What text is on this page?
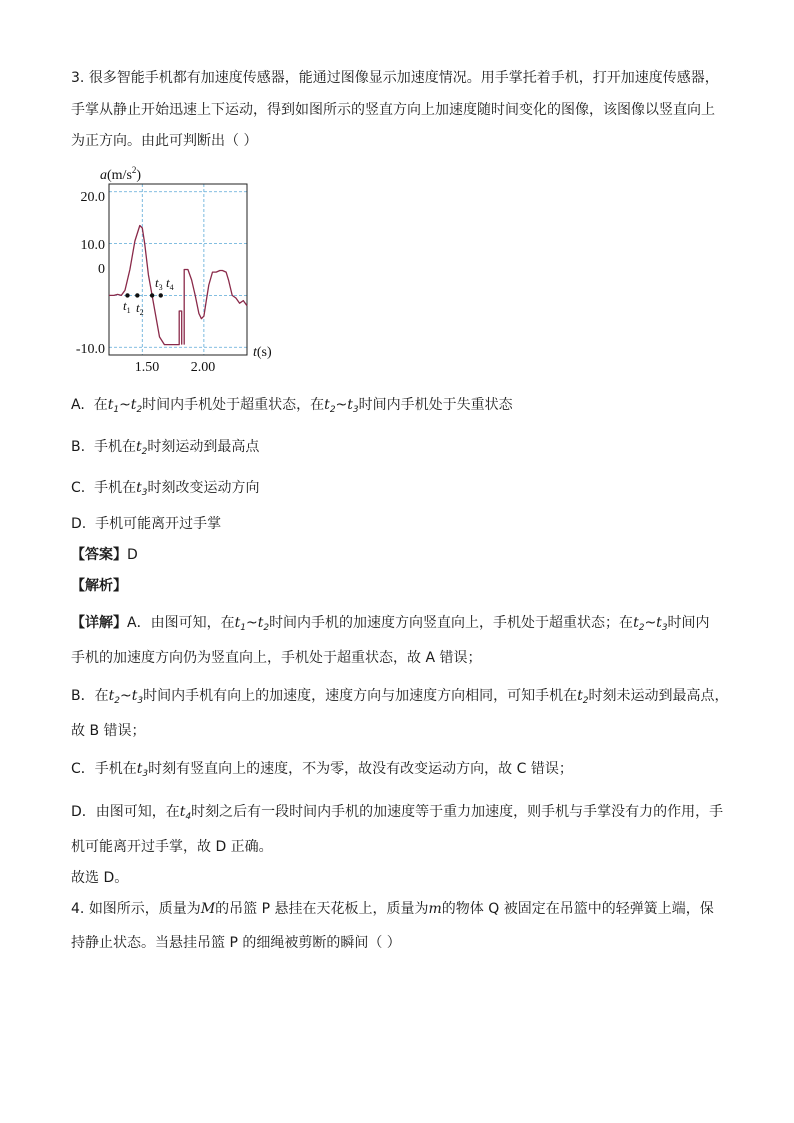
3. 很多智能手机都有加速度传感器，能通过图像显示加速度情况。用手掌托着手机，打开加速度传感器，
手掌从静止开始迅速上下运动，得到如图所示的竖直方向上加速度随时间变化的图像，该图像以竖直向上
为正方向。由此可判断出（ ）
$a(m/s^2)$
t(s)
20.0
10.0
0
-10.0
1.50 2.00
$t_1$ $t_2$
$t_3$ $t_4$
A. 在$t_1\sim t_2$时间内手机处于超重状态，在$t_2\sim t_3$时间内手机处于失重状态
B. 手机在$t_2$时刻运动到最高点
C. 手机在$t_3$时刻改变运动方向
D. 手机可能离开过手掌
【答案】D
【解析】
【详解】A．由图可知，在$t_1\sim t_2$时间内手机的加速度方向竖直向上，手机处于超重状态；在$t_2\sim t_3$时间内
手机的加速度方向仍为竖直向上，手机处于超重状态，故 A 错误；
B．在$t_2\sim t_3$时间内手机有向上的加速度，速度方向与加速度方向相同，可知手机在$t_2$时刻未运动到最高点，
故 B 错误；
C．手机在$t_3$时刻有竖直向上的速度，不为零，故没有改变运动方向，故 C 错误；
D．由图可知，在$t_4$时刻之后有一段时间内手机的加速度等于重力加速度，则手机与手掌没有力的作用，手
机可能离开过手掌，故 D 正确。
故选 D。
4. 如图所示，质量为M的吊篮 P 悬挂在天花板上，质量为m的物体 Q 被固定在吊篮中的轻弹簧上端，保
持静止状态。当悬挂吊篮 P 的细绳被剪断的瞬间（ ）
